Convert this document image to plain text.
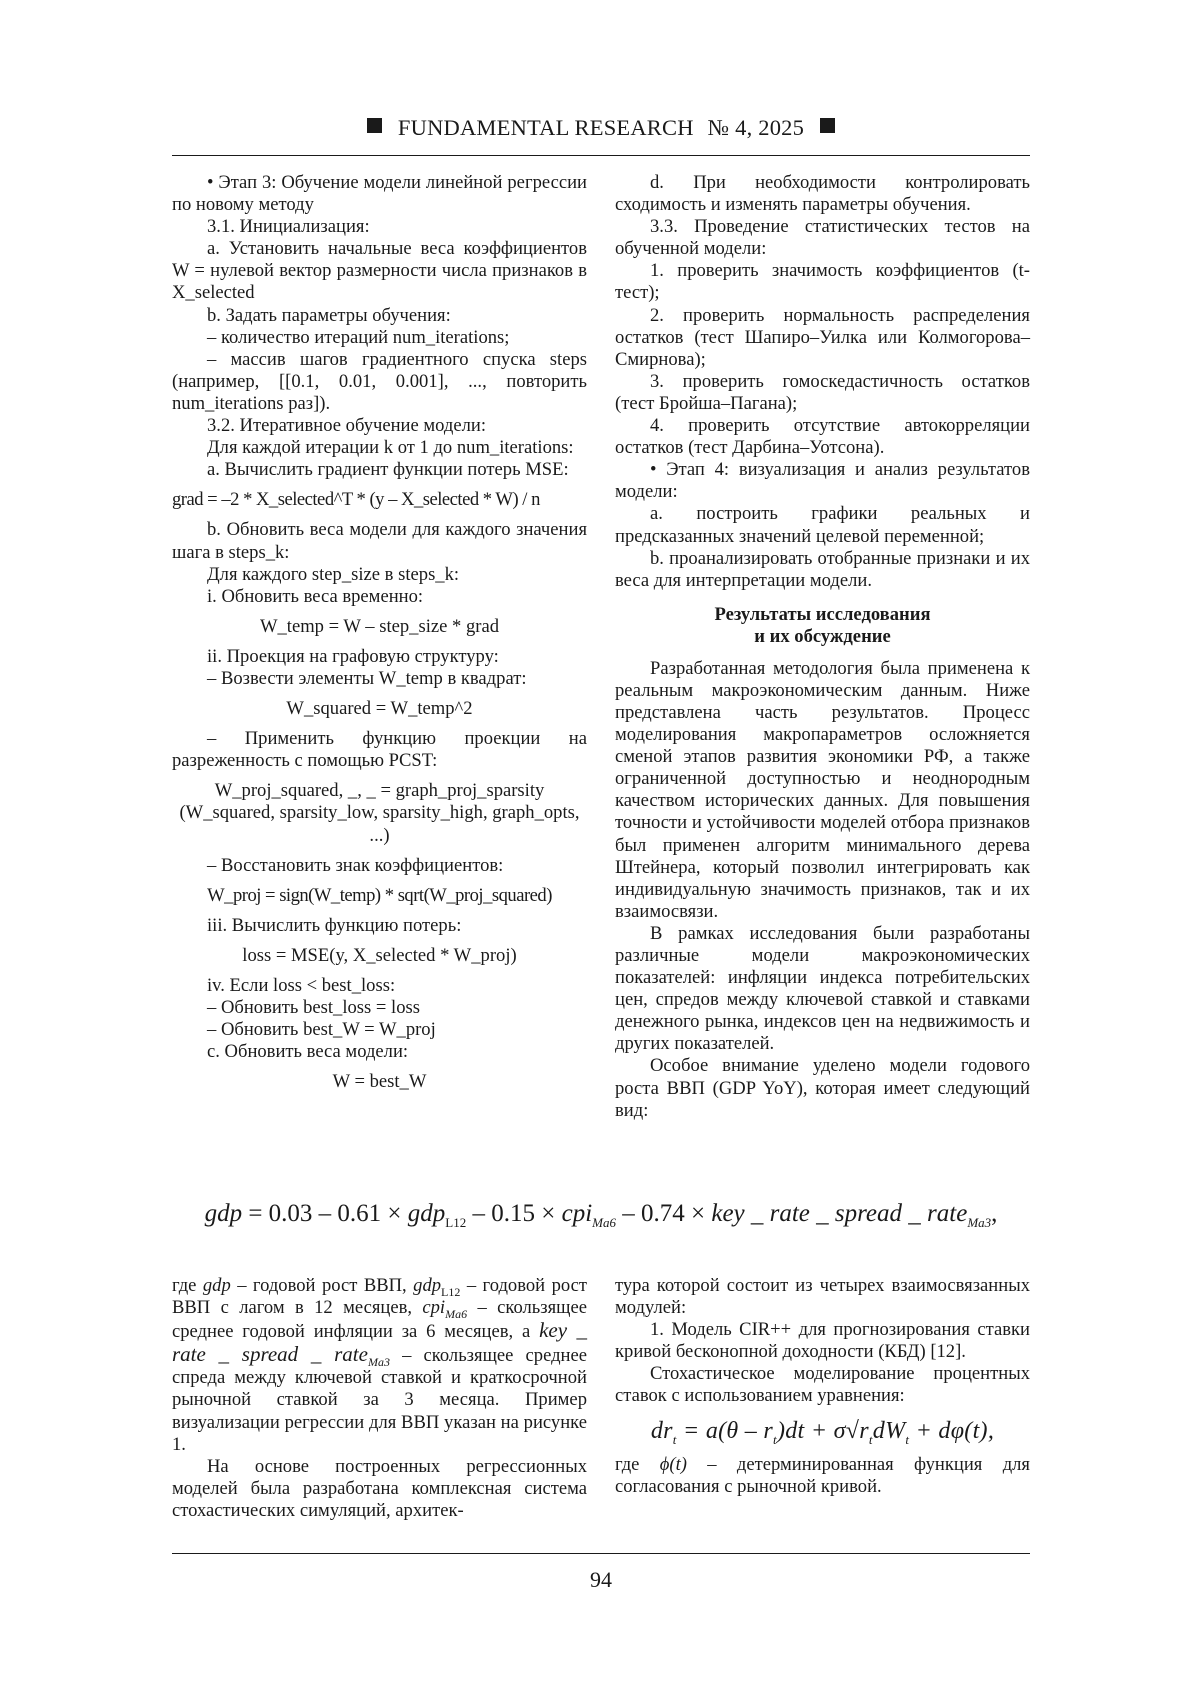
FUNDAMENTAL RESEARCH № 4, 2025

• Этап 3: Обучение модели линейной регрессии по новому методу

3.1. Инициализация:

a. Установить начальные веса коэффициентов W = нулевой вектор размерности числа признаков в X_selected

b. Задать параметры обучения:

– количество итераций num_iterations;

– массив шагов градиентного спуска steps (например, [[0.1, 0.01, 0.001], ..., повторить num_iterations раз]).

3.2. Итеративное обучение модели:

Для каждой итерации k от 1 до num_iterations:

a. Вычислить градиент функции потерь MSE:

grad = –2 * X_selected^T * (y – X_selected * W) / n

b. Обновить веса модели для каждого значения шага в steps_k:

Для каждого step_size в steps_k:

i. Обновить веса временно:

W_temp = W – step_size * grad

ii. Проекция на графовую структуру:

– Возвести элементы W_temp в квадрат:

W_squared = W_temp^2

– Применить функцию проекции на разреженность с помощью PCST:

W_proj_squared, _, _ = graph_proj_sparsity (W_squared, sparsity_low, sparsity_high, graph_opts, ...)

– Восстановить знак коэффициентов:

W_proj = sign(W_temp) * sqrt(W_proj_squared)

iii. Вычислить функцию потерь:

loss = MSE(y, X_selected * W_proj)

iv. Если loss < best_loss:

– Обновить best_loss = loss

– Обновить best_W = W_proj

c. Обновить веса модели:

W = best_W

d. При необходимости контролировать сходимость и изменять параметры обучения.

3.3. Проведение статистических тестов на обученной модели:

1. проверить значимость коэффициентов (t-тест);

2. проверить нормальность распределения остатков (тест Шапиро–Уилка или Колмогорова–Смирнова);

3. проверить гомоскедастичность остатков (тест Бройша–Пагана);

4. проверить отсутствие автокорреляции остатков (тест Дарбина–Уотсона).

• Этап 4: визуализация и анализ результатов модели:

a. построить графики реальных и предсказанных значений целевой переменной;

b. проанализировать отобранные признаки и их веса для интерпретации модели.

Результаты исследования
и их обсуждение

Разработанная методология была применена к реальным макроэкономическим данным. Ниже представлена часть результатов. Процесс моделирования макропараметров осложняется сменой этапов развития экономики РФ, а также ограниченной доступностью и неоднородным качеством исторических данных. Для повышения точности и устойчивости моделей отбора признаков был применен алгоритм минимального дерева Штейнера, который позволил интегрировать как индивидуальную значимость признаков, так и их взаимосвязи.

В рамках исследования были разработаны различные модели макроэкономических показателей: инфляции индекса потребительских цен, спредов между ключевой ставкой и ставками денежного рынка, индексов цен на недвижимость и других показателей.

Особое внимание уделено модели годового роста ВВП (GDP YoY), которая имеет следующий вид:

gdp = 0.03 – 0.61 × gdp$_{L12}$ – 0.15 × cpi$_{Ma6}$ – 0.74 × key _ rate _ spread _ rate$_{Ma3}$,

где gdp – годовой рост ВВП, gdp$_{L12}$ – годовой рост ВВП с лагом в 12 месяцев, cpi$_{Ma6}$ – скользящее среднее годовой инфляции за 6 месяцев, а key _ rate _ spread _ rate$_{Ma3}$ – скользящее среднее спреда между ключевой ставкой и краткосрочной рыночной ставкой за 3 месяца. Пример визуализации регрессии для ВВП указан на рисунке 1.

На основе построенных регрессионных моделей была разработана комплексная система стохастических симуляций, архитек-

тура которой состоит из четырех взаимосвязанных модулей:

1. Модель CIR++ для прогнозирования ставки кривой бесконопной доходности (КБД) [12].

Стохастическое моделирование процентных ставок с использованием уравнения:

$dr_t = a(\theta - r_t)dt + \sigma√r_tdW_t + d\varphi(t)$,

где ϕ(t) – детерминированная функция для согласования с рыночной кривой.

94
